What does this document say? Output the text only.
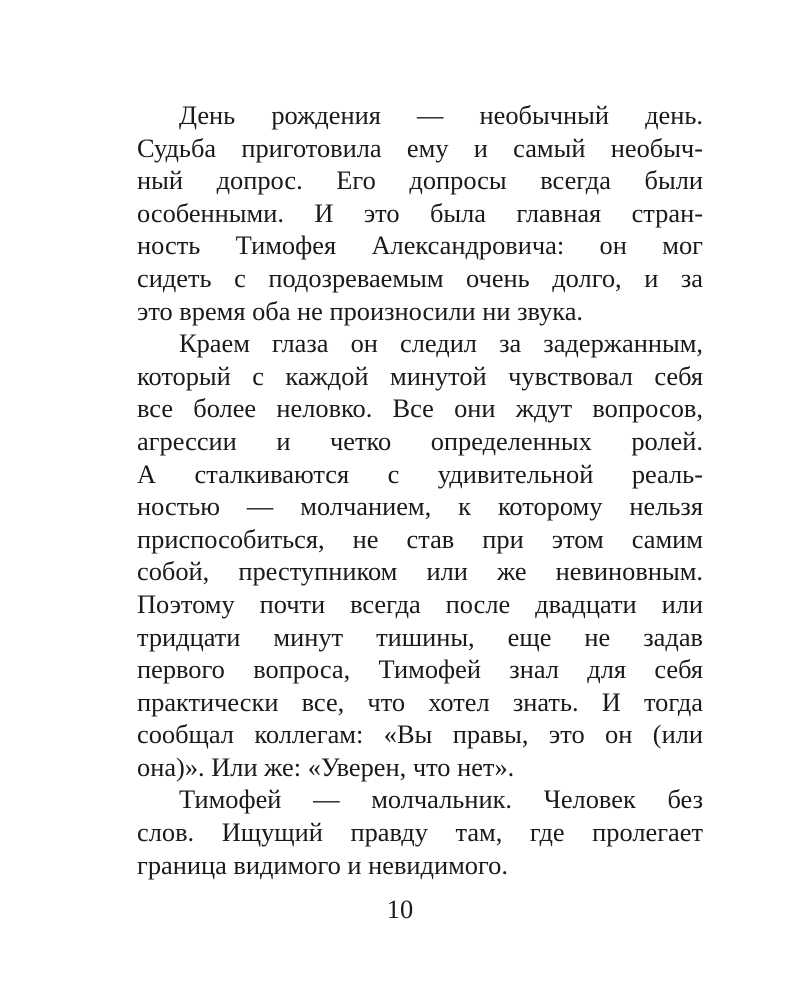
День рождения — необычный день.
Судьба приготовила ему и самый необыч-
ный допрос. Его допросы всегда были
особенными. И это была главная стран-
ность Тимофея Александровича: он мог
сидеть с подозреваемым очень долго, и за
это время оба не произносили ни звука.
Краем глаза он следил за задержанным,
который с каждой минутой чувствовал себя
все более неловко. Все они ждут вопросов,
агрессии и четко определенных ролей.
А сталкиваются с удивительной реаль-
ностью — молчанием, к которому нельзя
приспособиться, не став при этом самим
собой, преступником или же невиновным.
Поэтому почти всегда после двадцати или
тридцати минут тишины, еще не задав
первого вопроса, Тимофей знал для себя
практически все, что хотел знать. И тогда
сообщал коллегам: «Вы правы, это он (или
она)». Или же: «Уверен, что нет».
Тимофей — молчальник. Человек без
слов. Ищущий правду там, где пролегает
граница видимого и невидимого.

10
